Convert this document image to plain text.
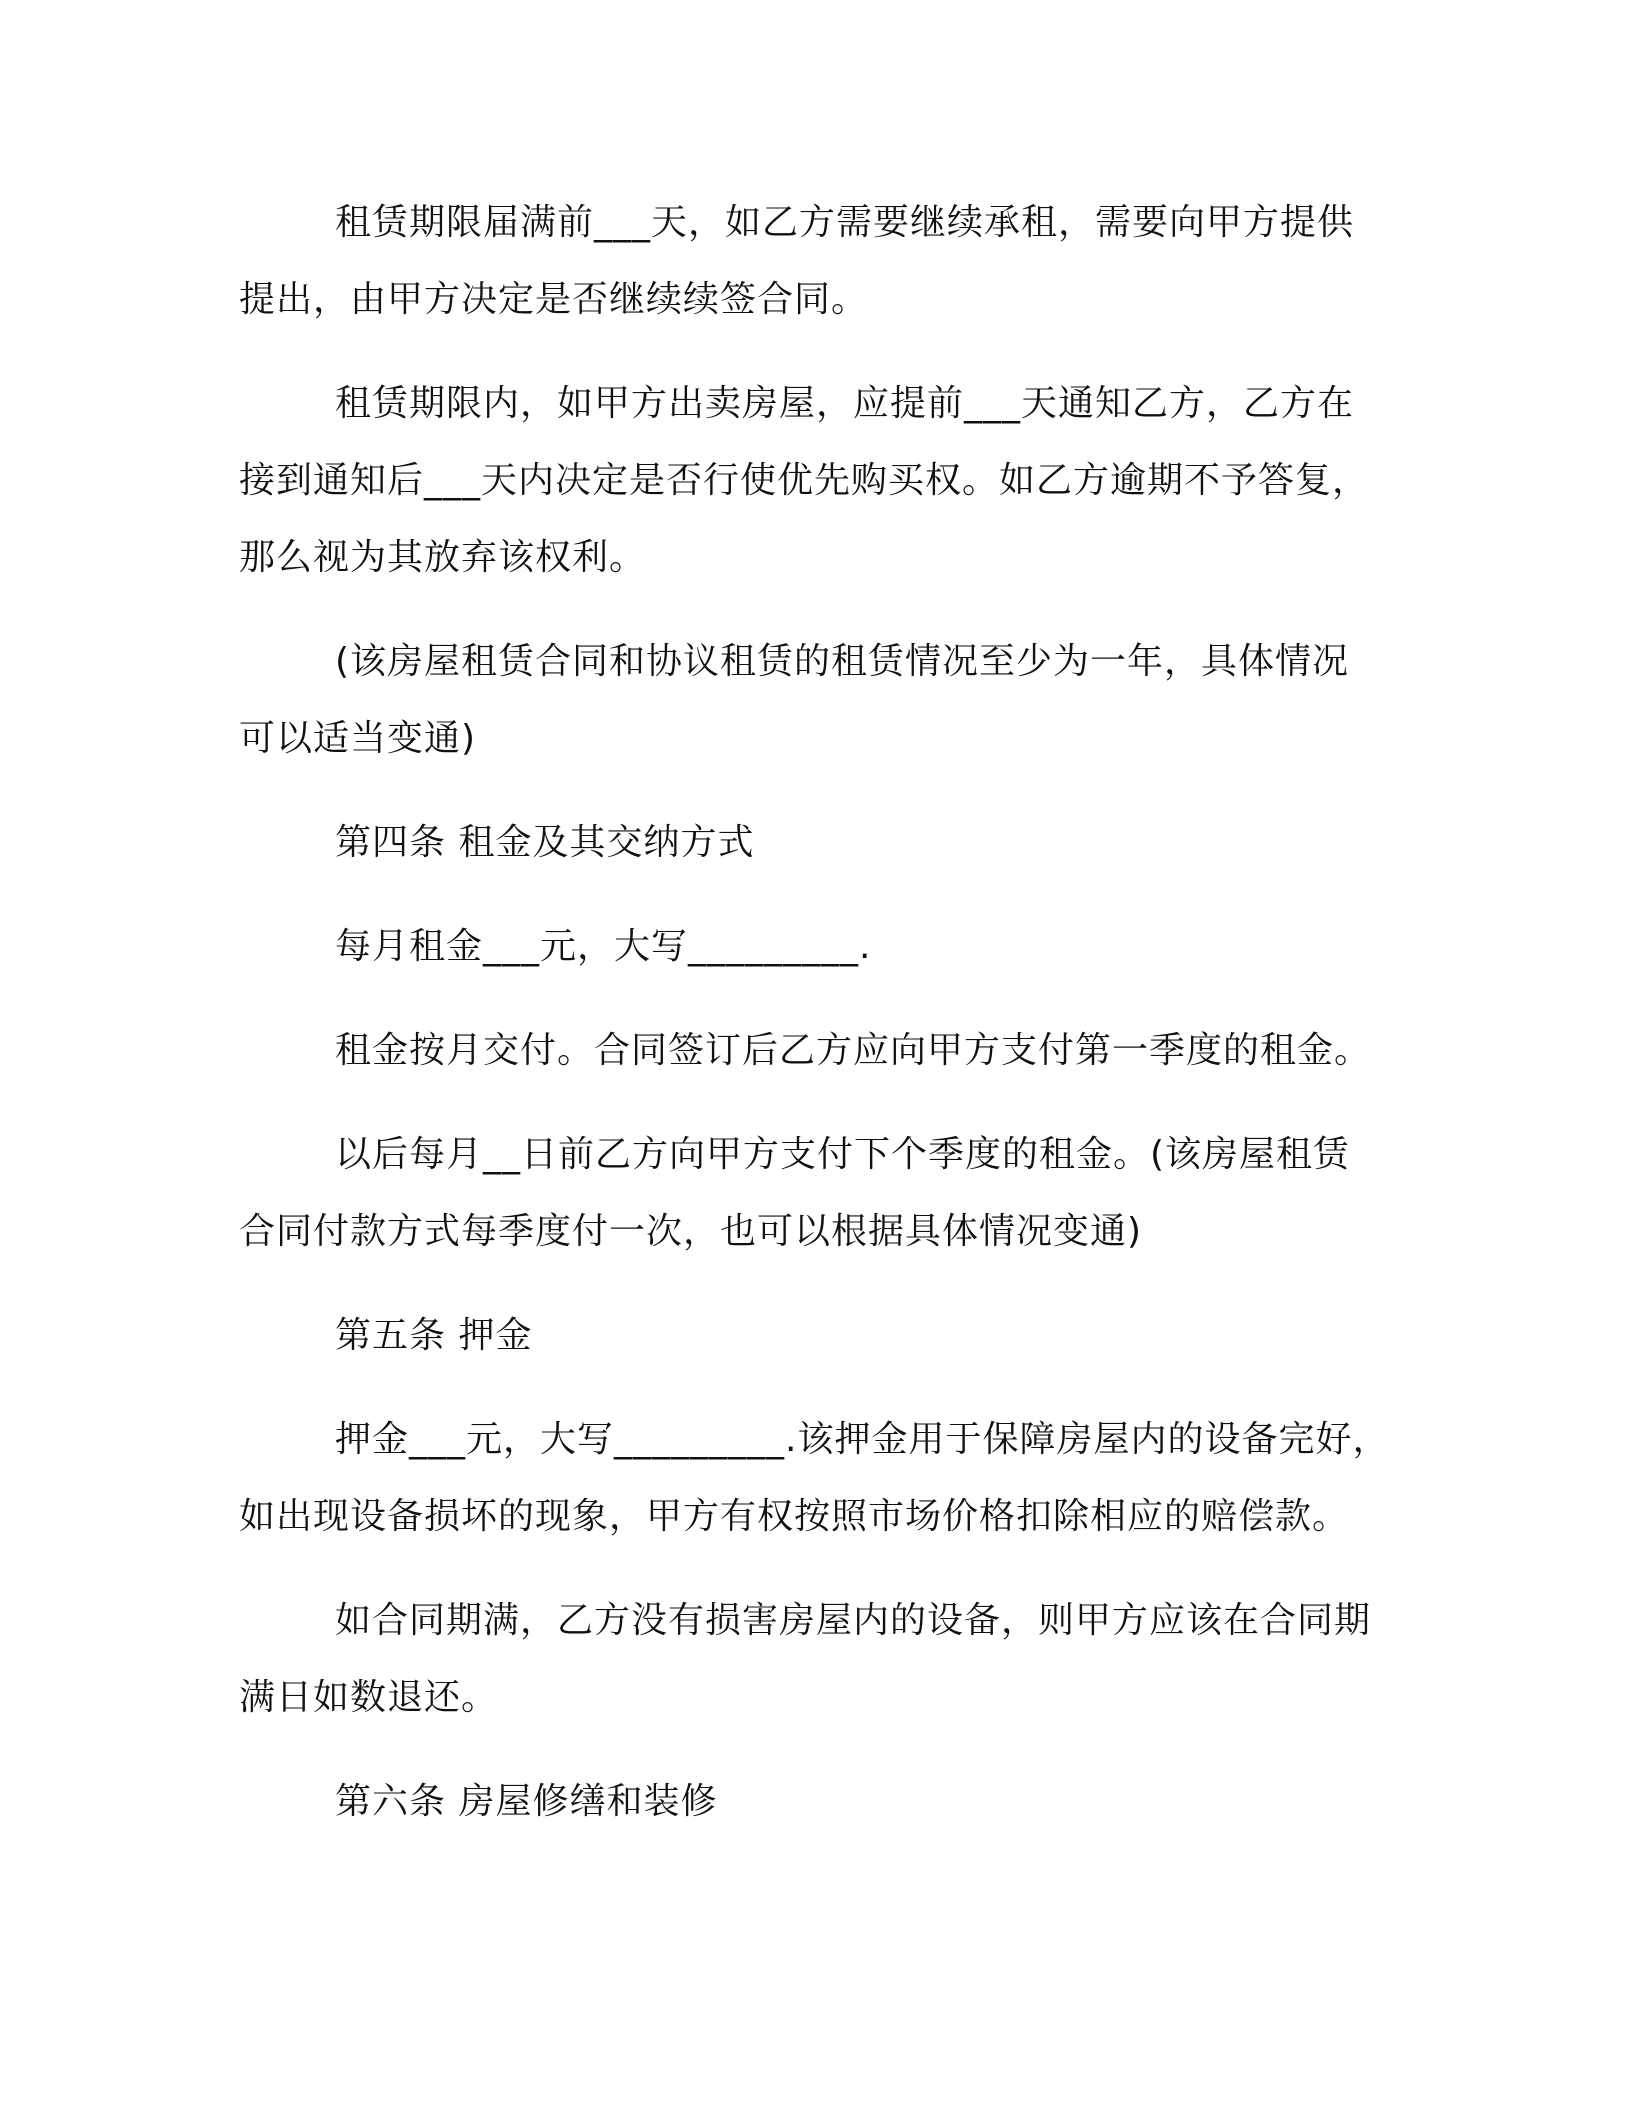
租赁期限届满前___天，如乙方需要继续承租，需要向甲方提供
提出，由甲方决定是否继续续签合同。
租赁期限内，如甲方出卖房屋，应提前___天通知乙方，乙方在
接到通知后___天内决定是否行使优先购买权。如乙方逾期不予答复，
那么视为其放弃该权利。
(该房屋租赁合同和协议租赁的租赁情况至少为一年，具体情况
可以适当变通)
第四条 租金及其交纳方式
每月租金___元，大写_________.
租金按月交付。合同签订后乙方应向甲方支付第一季度的租金。
以后每月__日前乙方向甲方支付下个季度的租金。(该房屋租赁
合同付款方式每季度付一次，也可以根据具体情况变通)
第五条 押金
押金___元，大写_________.该押金用于保障房屋内的设备完好，
如出现设备损坏的现象，甲方有权按照市场价格扣除相应的赔偿款。
如合同期满，乙方没有损害房屋内的设备，则甲方应该在合同期
满日如数退还。
第六条 房屋修缮和装修
